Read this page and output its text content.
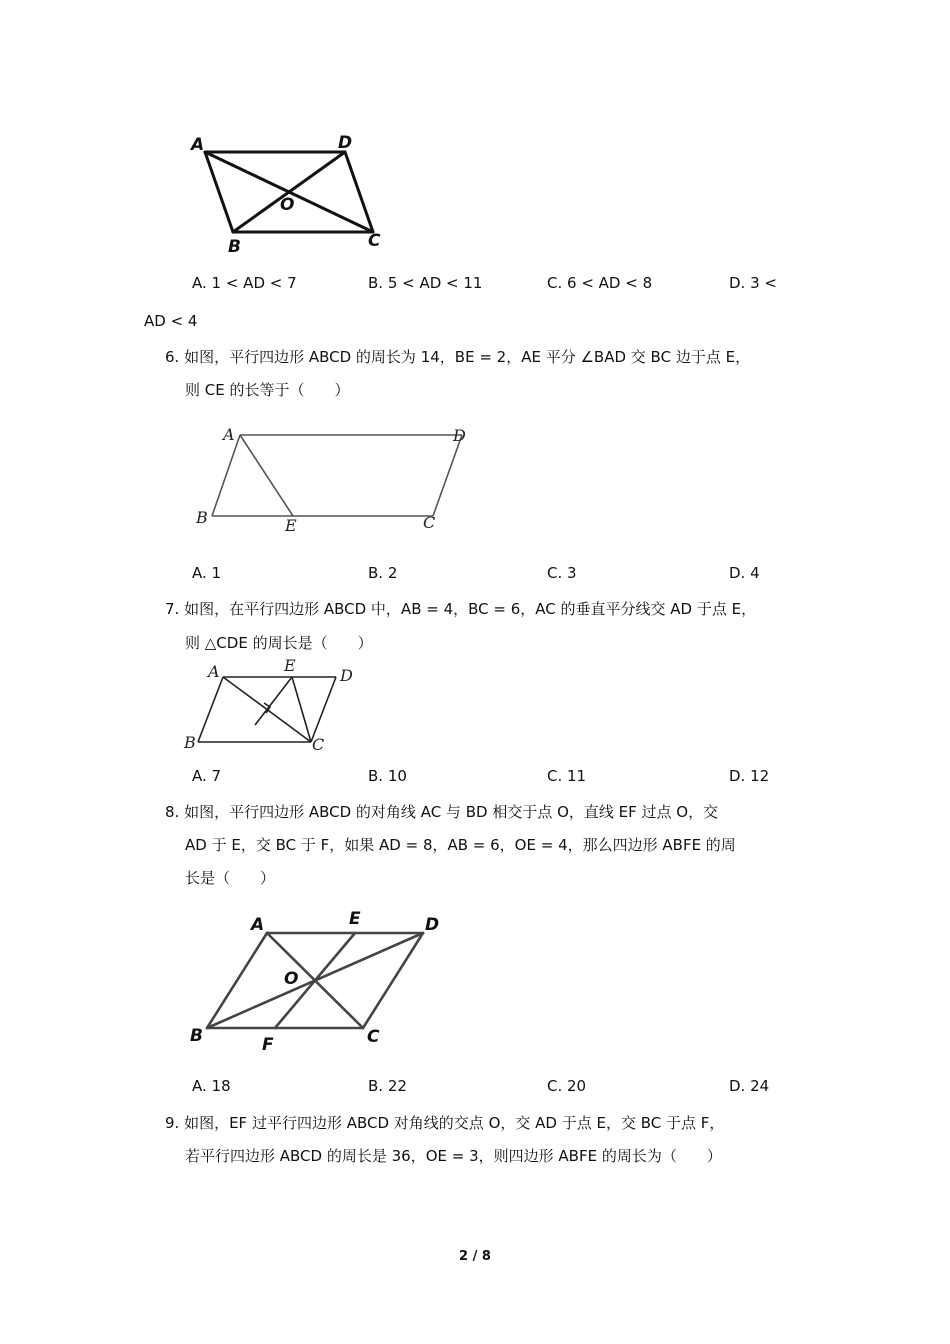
A	D
O
B	C
A. 1 < AD < 7	B. 5 < AD < 11	C. 6 < AD < 8	D. 3 <
AD < 4
6. 如图，平行四边形 ABCD 的周长为 14，BE = 2，AE 平分 ∠BAD 交 BC 边于点 E，
则 CE 的长等于（　　）
A	D
B	E	C
A. 1	B. 2	C. 3	D. 4
7. 如图，在平行四边形 ABCD 中，AB = 4，BC = 6，AC 的垂直平分线交 AD 于点 E，
则 △CDE 的周长是（　　）
A	E
D
B	C
A. 7	B. 10	C. 11	D. 12
8. 如图，平行四边形 ABCD 的对角线 AC 与 BD 相交于点 O，直线 EF 过点 O，交
AD 于 E，交 BC 于 F，如果 AD = 8，AB = 6，OE = 4，那么四边形 ABFE 的周
长是（　　）
A	E	D
O
B	F	C
A. 18	B. 22	C. 20	D. 24
9. 如图，EF 过平行四边形 ABCD 对角线的交点 O，交 AD 于点 E，交 BC 于点 F，
若平行四边形 ABCD 的周长是 36，OE = 3，则四边形 ABFE 的周长为（　　）
2 / 8
